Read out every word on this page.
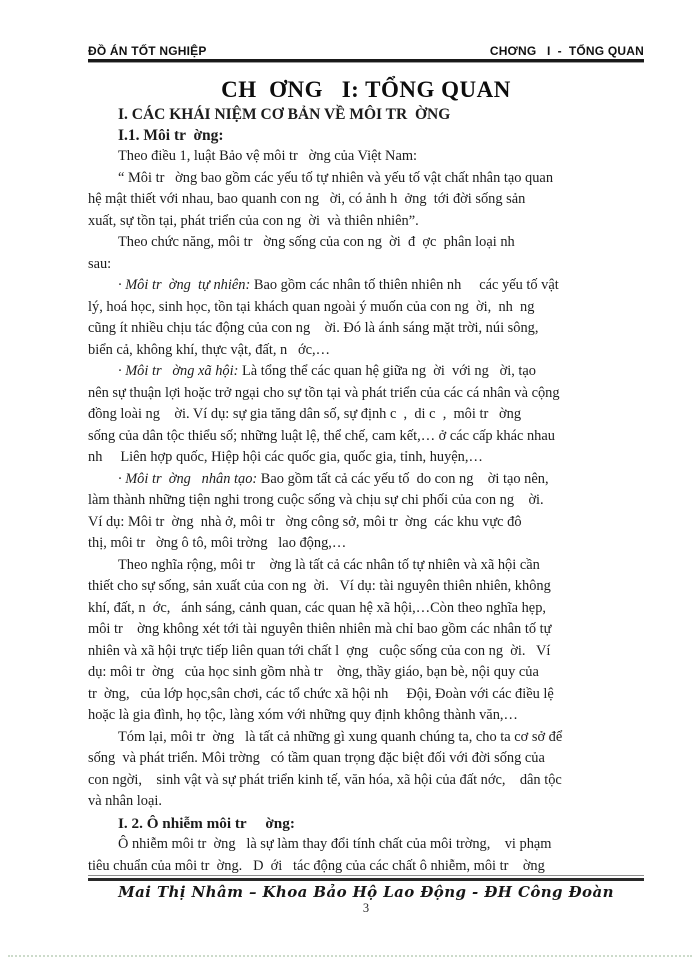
ĐỒ ÁN TỐT NGHIỆP	CHƠNG   I  -  TỔNG QUAN
CH  ƠNG   I: TỔNG QUAN
I. CÁC KHÁI NIỆM CƠ BẢN VỀ MÔI TR  ỜNG
I.1. Môi tr  ờng:
Theo điều 1, luật Bảo vệ môi tr   ờng của Việt Nam:
“ Môi tr   ờng bao gồm các yếu tố tự nhiên và yếu tố vật chất nhân tạo quan
hệ mật thiết với nhau, bao quanh con ng   ời, có ảnh h  ởng  tới đời sống sản
xuất, sự tồn tại, phát triển của con ng  ời  và thiên nhiên”.
Theo chức năng, môi tr   ờng sống của con ng  ời  đ  ợc  phân loại nh
sau:
· Môi tr  ờng  tự nhiên: Bao gồm các nhân tố thiên nhiên nh     các yếu tố vật
lý, hoá học, sinh học, tồn tại khách quan ngoài ý muốn của con ng  ời,  nh  ng
cũng ít nhiều chịu tác động của con ng    ời. Đó là ánh sáng mặt trời, núi sông,
biển cả, không khí, thực vật, đất, n   ớc,…
· Môi tr   ờng xã hội: Là tổng thể các quan hệ giữa ng  ời  với ng   ời, tạo
nên sự thuận lợi hoặc trở ngại cho sự tồn tại và phát triển của các cá nhân và cộng
đồng loài ng    ời. Ví dụ: sự gia tăng dân số, sự định c  ,  di c  ,  môi tr   ờng
sống của dân tộc thiểu số; những luật lệ, thể chế, cam kết,… ở các cấp khác nhau
nh     Liên hợp quốc, Hiệp hội các quốc gia, quốc gia, tỉnh, huyện,…
· Môi tr  ờng   nhân tạo: Bao gồm tất cả các yếu tố  do con ng    ời tạo nên,
làm thành những tiện nghi trong cuộc sống và chịu sự chi phối của con ng    ời.
Ví dụ: Môi tr  ờng  nhà ở, môi tr   ờng công sở, môi tr  ờng  các khu vực đô
thị, môi tr   ờng ô tô, môi trờng   lao động,…
Theo nghĩa rộng, môi tr    ờng là tất cả các nhân tố tự nhiên và xã hội cần
thiết cho sự sống, sản xuất của con ng  ời.   Ví dụ: tài nguyên thiên nhiên, không
khí, đất, n  ớc,   ánh sáng, cảnh quan, các quan hệ xã hội,…Còn theo nghĩa hẹp,
môi tr    ờng không xét tới tài nguyên thiên nhiên mà chỉ bao gồm các nhân tố tự
nhiên và xã hội trực tiếp liên quan tới chất l  ợng   cuộc sống của con ng  ời.   Ví
dụ: môi tr  ờng   của học sinh gồm nhà tr    ờng, thầy giáo, bạn bè, nội quy của
tr  ờng,   của lớp học,sân chơi, các tổ chức xã hội nh     Đội, Đoàn với các điều lệ
hoặc là gia đình, họ tộc, làng xóm với những quy định không thành văn,…
Tóm lại, môi tr  ờng   là tất cả những gì xung quanh chúng ta, cho ta cơ sở để
sống  và phát triển. Môi trờng   có tầm quan trọng đặc biệt đối với đời sống của
con ngời,    sinh vật và sự phát triển kinh tế, văn hóa, xã hội của đất nớc,    dân tộc
và nhân loại.
I. 2. Ô nhiễm môi tr     ờng:
Ô nhiễm môi tr  ờng   là sự làm thay đổi tính chất của môi trờng,    vi phạm
tiêu chuẩn của môi tr  ờng.   D  ới   tác động của các chất ô nhiễm, môi tr    ờng
Mai Thị Nhâm – Khoa Bảo Hộ Lao Động - ĐH Công Đoàn
3
